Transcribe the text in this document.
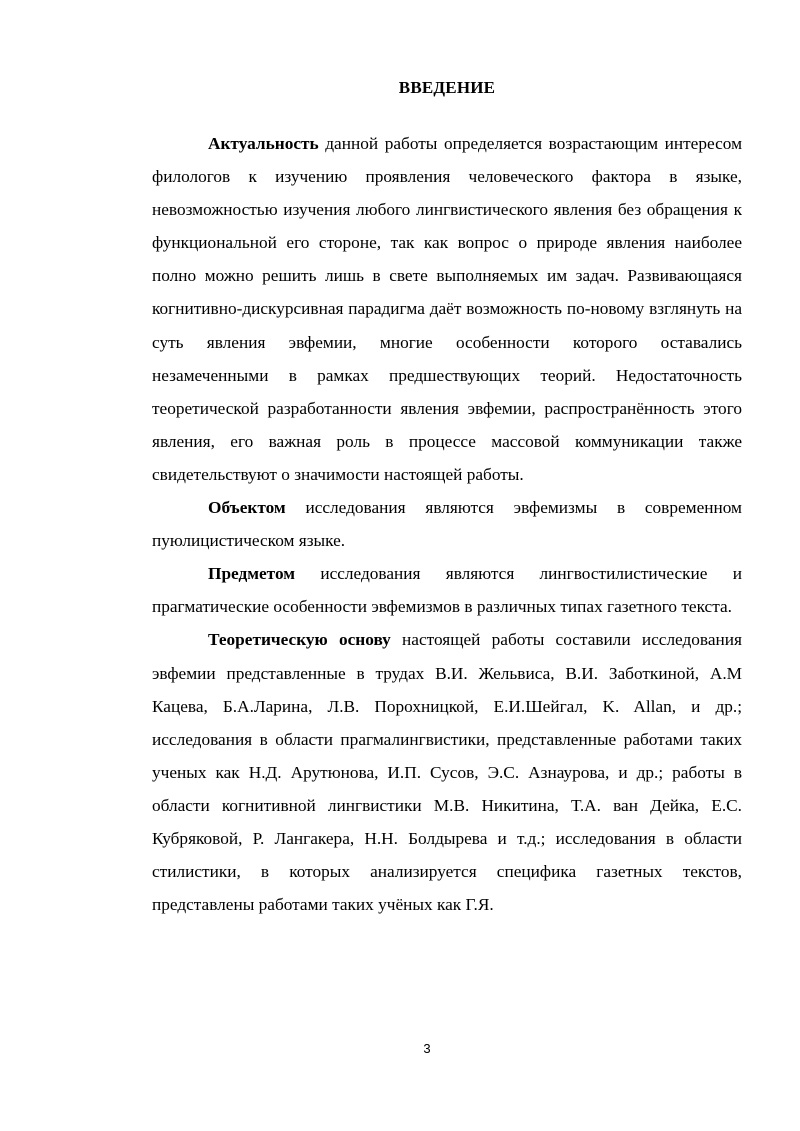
ВВЕДЕНИЕ

Актуальность данной работы определяется возрастающим интересом филологов к изучению проявления человеческого фактора в языке, невозможностью изучения любого лингвистического явления без обращения к функциональной его стороне, так как вопрос о природе явления наиболее полно можно решить лишь в свете выполняемых им задач. Развивающаяся когнитивно-дискурсивная парадигма даёт возможность по-новому взглянуть на суть явления эвфемии, многие особенности которого оставались незамеченными в рамках предшествующих теорий. Недостаточность теоретической разработанности явления эвфемии, распространённость этого явления, его важная роль в процессе массовой коммуникации также свидетельствуют о значимости настоящей работы.

Объектом исследования являются эвфемизмы в современном пуюлицистическом языке.

Предметом исследования являются лингвостилистические и прагматические особенности эвфемизмов в различных типах газетного текста.

Теоретическую основу настоящей работы составили исследования эвфемии представленные в трудах В.И. Жельвиса, В.И. Заботкиной, А.М Кацева, Б.А.Ларина, Л.В. Порохницкой, Е.И.Шейгал, K. Allan, и др.; исследования в области прагмалингвистики, представленные работами таких ученых как Н.Д. Арутюнова, И.П. Сусов, Э.С. Азнаурова, и др.; работы в области когнитивной лингвистики М.В. Никитина, Т.А. ван Дейка, Е.С. Кубряковой, Р. Лангакера, Н.Н. Болдырева и т.д.; исследования в области стилистики, в которых анализируется специфика газетных текстов, представлены работами таких учёных как Г.Я.

3
